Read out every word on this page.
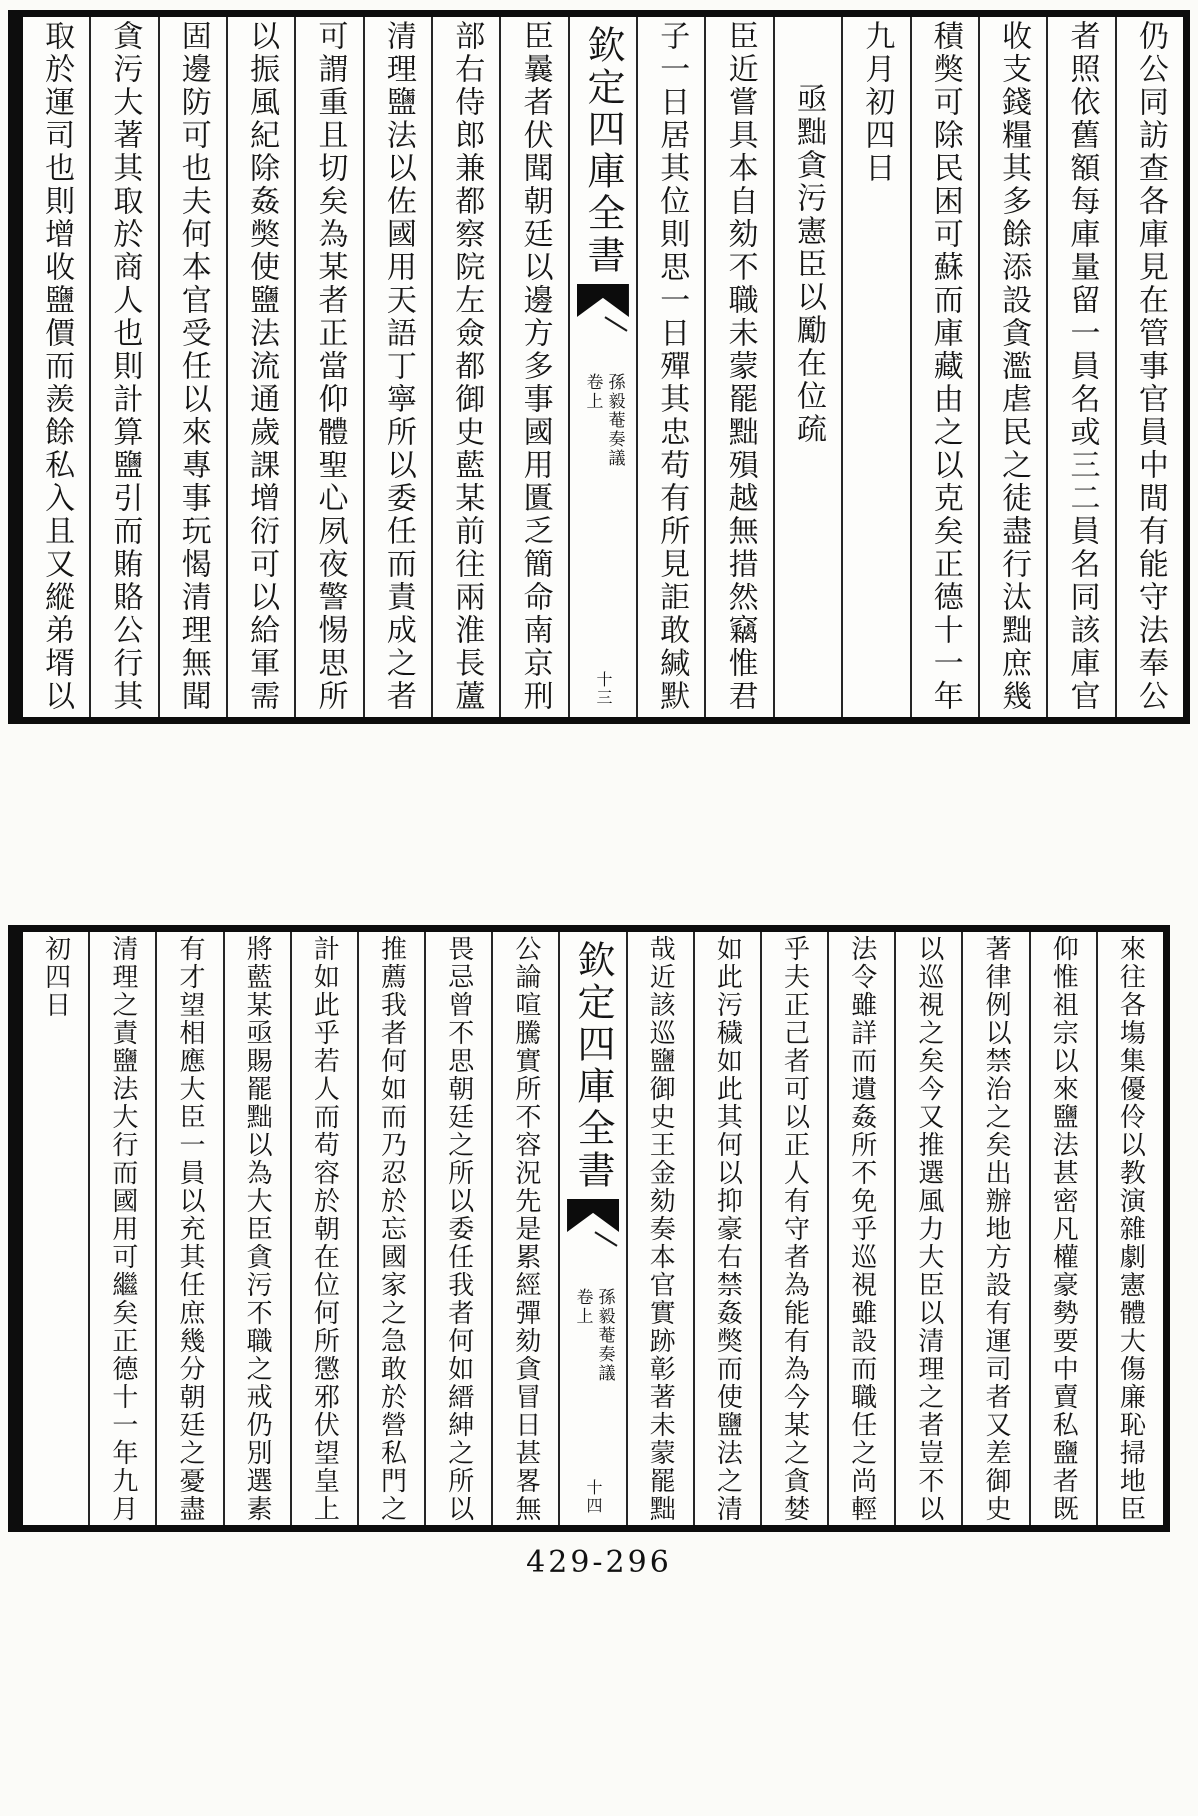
仍公同訪查各庫見在管事官員中間有能守法奉公
者照依舊額每庫量留一員名或三二員名同該庫官
收支錢糧其多餘添設貪濫虐民之徒盡行汰黜庶幾
積獘可除民困可蘇而庫藏由之以克矣正德十一年
九月初四日
亟黜貪污憲臣以勵在位疏
臣近嘗具本自劾不職未蒙罷黜殞越無措然竊惟君
子一日居其位則思一日殫其忠苟有所見詎敢緘默
欽定四庫全書
孫毅菴奏議
卷上
十三
臣曩者伏聞朝廷以邊方多事國用匱乏簡命南京刑
部右侍郎兼都察院左僉都御史藍某前往兩淮長蘆
清理鹽法以佐國用天語丁寧所以委任而責成之者
可謂重且切矣為某者正當仰體聖心夙夜警惕思所
以振風紀除姦獘使鹽法流通歲課增衍可以給軍需
固邊防可也夫何本官受任以來專事玩愒清理無聞
貪污大著其取於商人也則計算鹽引而賄賂公行其
取於運司也則增收鹽價而羨餘私入且又縱弟壻以
來往各塲集優伶以教演雜劇憲體大傷廉恥掃地臣
仰惟祖宗以來鹽法甚密凡權豪勢要中賣私鹽者既
著律例以禁治之矣出辦地方設有運司者又差御史
以巡視之矣今又推選風力大臣以清理之者豈不以
法令雖詳而遺姦所不免乎巡視雖設而職任之尚輕
乎夫正己者可以正人有守者為能有為今某之貪婪
如此污穢如此其何以抑豪右禁姦獘而使鹽法之清
哉近該巡鹽御史王金劾奏本官實跡彰著未蒙罷黜
欽定四庫全書
孫毅菴奏議
卷上
十四
公論喧騰實所不容況先是累經彈劾貪冒日甚畧無
畏忌曾不思朝廷之所以委任我者何如縉紳之所以
推薦我者何如而乃忍於忘國家之急敢於營私門之
計如此乎若人而苟容於朝在位何所懲邪伏望皇上
將藍某亟賜罷黜以為大臣貪污不職之戒仍別選素
有才望相應大臣一員以充其任庶幾分朝廷之憂盡
清理之責鹽法大行而國用可繼矣正德十一年九月
初四日
429-296
